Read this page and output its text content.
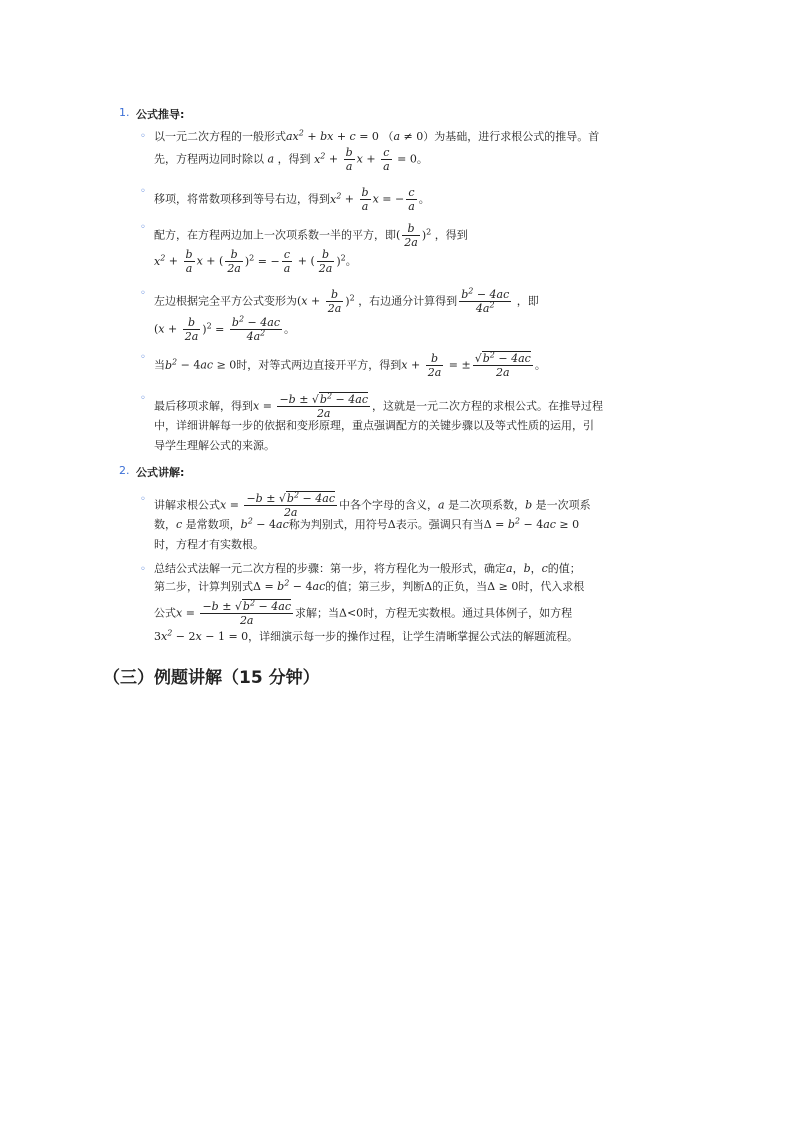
1. 公式推导:
◦ 以一元二次方程的一般形式$ax^2$ + bx + c = 0 （a ≠ 0）为基础，进行求根公式的推导。首
先，方程两边同时除以 a ，得到 $x^2 + \frac{b}{a}$ $x + \frac{c}{a} = 0$。
◦
移项，将常数项移到等号右边，得到$x^2 + \frac{b}{a}$ x = − $\frac{c}{a}$ 。
◦
配方，在方程两边加上一次项系数一半的平方，即( $\frac{b}{2a} )^2$ ，得到
$x^2 + \frac{b}{a}$ x + ( $\frac{b}{2a} )^2$ = − $\frac{c}{a}$ + ( $\frac{b}{2a} )^2$。
◦
左边根据完全平方公式变形为$(x + \frac{b}{2a} )^2$ ，右边通分计算得到 $\frac{b^2 - 4ac}{4a^2}$ ，即
$(x + \frac{b}{2a} )^2 = \frac{b^2 - 4ac}{4a^2}$ 。
◦
当$b^2 - 4ac \ge 0$时，对等式两边直接开平方，得到$x + \frac{b}{2a}$ = ± $\frac{√b^2 - 4ac}{2a}$ 。
◦
最后移项求解，得到$x = \frac{-b \pm √b^2 - 4ac}{2a}$ ，这就是一元二次方程的求根公式。在推导过程
中，详细讲解每一步的依据和变形原理，重点强调配方的关键步骤以及等式性质的运用，引
导学生理解公式的来源。
2. 公式讲解:
◦ 讲解求根公式$x = \frac{-b \pm √b^2 - 4ac}{2a}$ 中各个字母的含义，a 是二次项系数，b 是一次项系
数，c 是常数项，$b^2 - 4ac$称为判别式，用符号Δ表示。强调只有当$\Delta = b^2 - 4ac \ge 0$
时，方程才有实数根。
◦ 总结公式法解一元二次方程的步骤：第一步，将方程化为一般形式，确定a，b，c的值；
第二步，计算判别式$\Delta = b^2 - 4ac$的值；第三步，判断Δ的正负，当Δ ≥ 0时，代入求根
公式$x = \frac{-b \pm √b^2 - 4ac}{2a}$ 求解；当Δ<0时，方程无实数根。通过具体例子，如方程
$3x^2 - 2x - 1 = 0$，详细演示每一步的操作过程，让学生清晰掌握公式法的解题流程。
（三）例题讲解（15 分钟）
